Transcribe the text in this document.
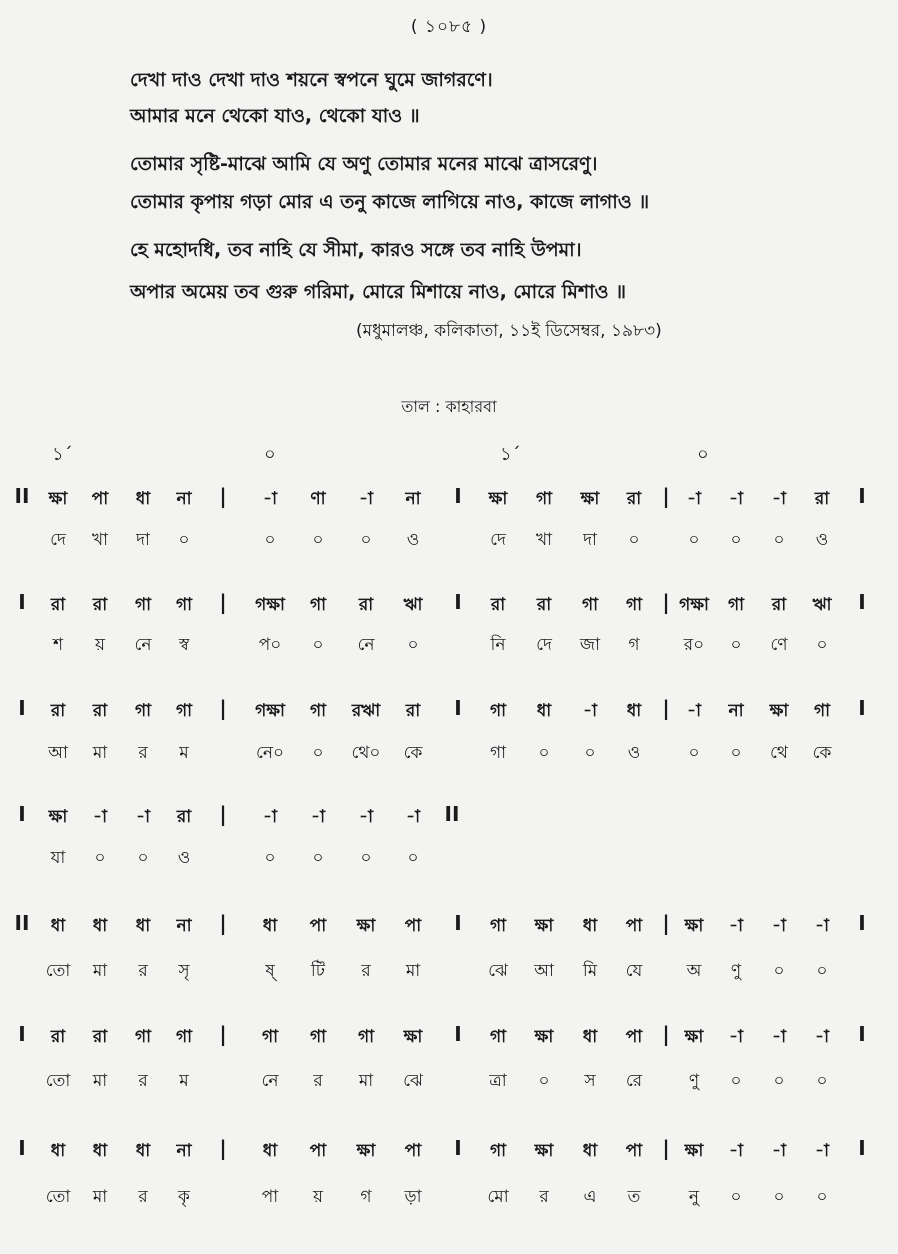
( ১০৮৫ )
দেখা দাও দেখা দাও শয়নে স্বপনে ঘুমে জাগরণে।
আমার মনে থেকো যাও, থেকো যাও ॥
তোমার সৃষ্টি-মাঝে আমি যে অণু তোমার মনের মাঝে ত্রাসরেণু।
তোমার কৃপায় গড়া মোর এ তনু কাজে লাগিয়ে নাও, কাজে লাগাও ॥
হে মহোদধি, তব নাহি যে সীমা, কারও সঙ্গে তব নাহি উপমা।
অপার অমেয় তব গুরু গরিমা, মোরে মিশায়ে নাও, মোরে মিশাও ॥
(মধুমালঞ্চ, কলিকাতা, ১১ই ডিসেম্বর, ১৯৮৩)
তাল : কাহারবা
১´	০	১´	০
II	|	I	|	I
ক্ষা	পা	ধা	না	-া	ণা	-া	না	ক্ষা	গা	ক্ষা	রা	-া	-া	-া	রা
দে	খা	দা	০	০	০	০	ও	দে	খা	দা	০	০	০	০	ও
I	|	I	|	I
রা	রা	গা	গা	গক্ষা	গা	রা	ঋা	রা	রা	গা	গা	গক্ষা	গা	রা	ঋা
শ	য়	নে	স্ব	প০	০	নে	০	নি	দে	জা	গ	র০	০	ণে	০
I	|	I	|	I
রা	রা	গা	গা	গক্ষা	গা	রঋা	রা	গা	ধা	-া	ধা	-া	না	ক্ষা	গা
আ	মা	র	ম	নে০	০	থে০	কে	গা	০	০	ও	০	০	থে	কে
I	|	II
ক্ষা	-া	-া	রা	-া	-া	-া	-া
যা	০	০	ও	০	০	০	০
II	|	I	|	I
ধা	ধা	ধা	না	ধা	পা	ক্ষা	পা	গা	ক্ষা	ধা	পা	ক্ষা	-া	-া	-া
তো	মা	র	সৃ	ষ্	টি	র	মা	ঝে	আ	মি	যে	অ	ণু	০	০
I	|	I	|	I
রা	রা	গা	গা	গা	গা	গা	ক্ষা	গা	ক্ষা	ধা	পা	ক্ষা	-া	-া	-া
তো	মা	র	ম	নে	র	মা	ঝে	ত্রা	০	স	রে	ণু	০	০	০
I	|	I	|	I
ধা	ধা	ধা	না	ধা	পা	ক্ষা	পা	গা	ক্ষা	ধা	পা	ক্ষা	-া	-া	-া
তো	মা	র	কৃ	পা	য়	গ	ড়া	মো	র	এ	ত	নু	০	০	০
